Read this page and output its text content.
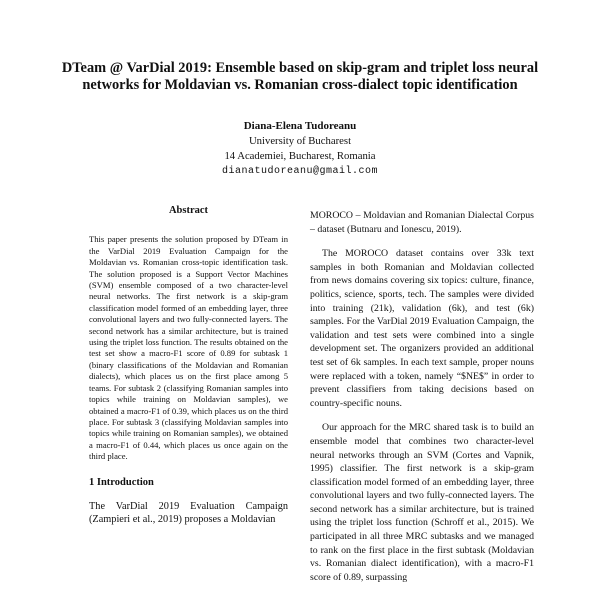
DTeam @ VarDial 2019: Ensemble based on skip-gram and triplet loss neural networks for Moldavian vs. Romanian cross-dialect topic identification
Diana-Elena Tudoreanu
University of Bucharest
14 Academiei, Bucharest, Romania
dianatudoreanu@gmail.com
Abstract

This paper presents the solution proposed by DTeam in the VarDial 2019 Evaluation Campaign for the Moldavian vs. Romanian cross-topic identification task. The solution proposed is a Support Vector Machines (SVM) ensemble composed of a two character-level neural networks. The first network is a skip-gram classification model formed of an embedding layer, three convolutional layers and two fully-connected layers. The second network has a similar architecture, but is trained using the triplet loss function. The results obtained on the test set show a macro-F1 score of 0.89 for subtask 1 (binary classifications of the Moldavian and Romanian dialects), which places us on the first place among 5 teams. For subtask 2 (classifying Romanian samples into topics while training on Moldavian samples), we obtained a macro-F1 of 0.39, which places us on the third place. For subtask 3 (classifying Moldavian samples into topics while training on Romanian samples), we obtained a macro-F1 of 0.44, which places us once again on the third place.

1 Introduction

The VarDial 2019 Evaluation Campaign (Zampieri et al., 2019) proposes a Moldavian

MOROCO – Moldavian and Romanian Dialectal Corpus – dataset (Butnaru and Ionescu, 2019).

The MOROCO dataset contains over 33k text samples in both Romanian and Moldavian collected from news domains covering six topics: culture, finance, politics, science, sports, tech. The samples were divided into training (21k), validation (6k), and test (6k) samples. For the VarDial 2019 Evaluation Campaign, the validation and test sets were combined into a single development set. The organizers provided an additional test set of 6k samples. In each text sample, proper nouns were replaced with a token, namely “$NE$” in order to prevent classifiers from taking decisions based on country-specific nouns.

Our approach for the MRC shared task is to build an ensemble model that combines two character-level neural networks through an SVM (Cortes and Vapnik, 1995) classifier. The first network is a skip-gram classification model formed of an embedding layer, three convolutional layers and two fully-connected layers. The second network has a similar architecture, but is trained using the triplet loss function (Schroff et al., 2015). We participated in all three MRC subtasks and we managed to rank on the first place in the first subtask (Moldavian vs. Romanian dialect identification), with a macro-F1 score of 0.89, surpassing
